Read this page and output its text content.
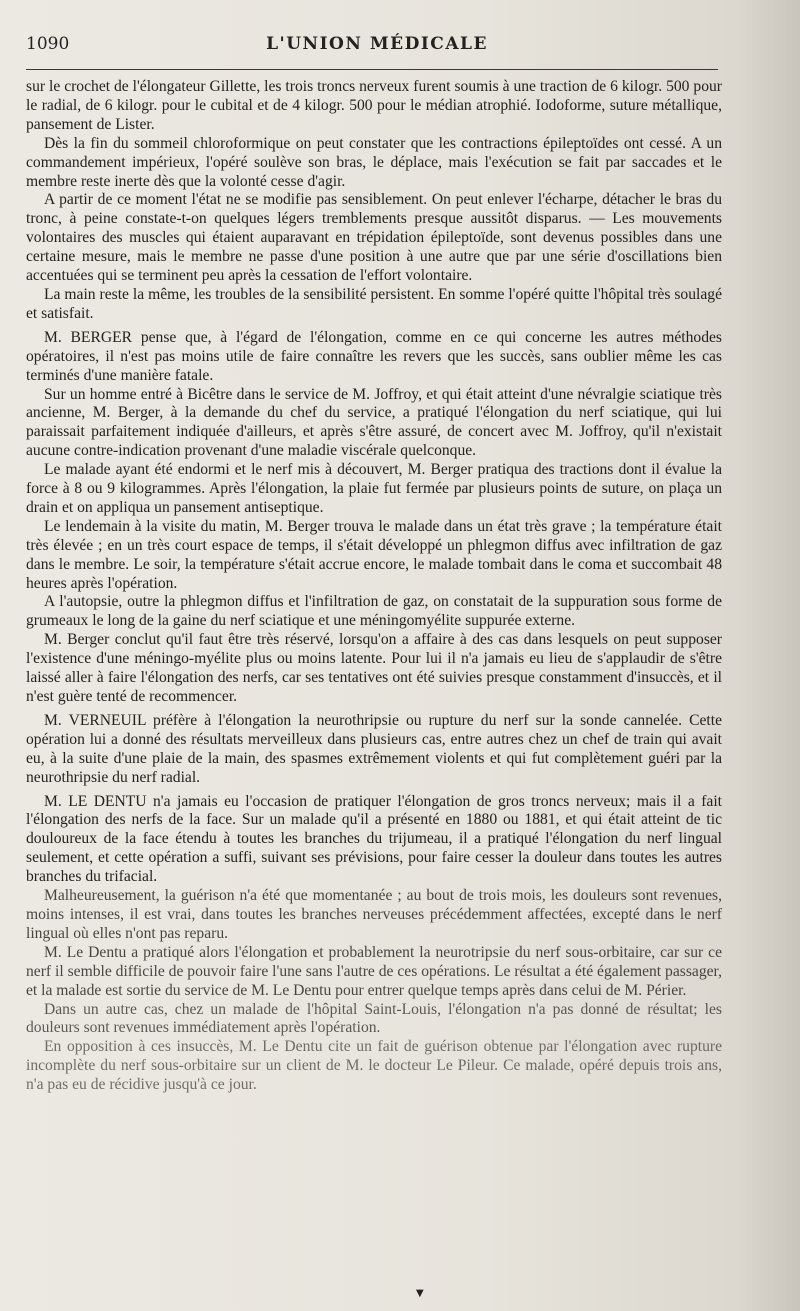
1090	L'UNION MÉDICALE

sur le crochet de l'élongateur Gillette, les trois troncs nerveux furent soumis à une traction de 6 kilogr. 500 pour le radial, de 6 kilogr. pour le cubital et de 4 kilogr. 500 pour le médian atrophié. Iodoforme, suture métallique, pansement de Lister.

Dès la fin du sommeil chloroformique on peut constater que les contractions épileptoïdes ont cessé. A un commandement impérieux, l'opéré soulève son bras, le déplace, mais l'exécution se fait par saccades et le membre reste inerte dès que la volonté cesse d'agir.

A partir de ce moment l'état ne se modifie pas sensiblement. On peut enlever l'écharpe, détacher le bras du tronc, à peine constate-t-on quelques légers tremblements presque aussitôt disparus. — Les mouvements volontaires des muscles qui étaient auparavant en trépidation épileptoïde, sont devenus possibles dans une certaine mesure, mais le membre ne passe d'une position à une autre que par une série d'oscillations bien accentuées qui se terminent peu après la cessation de l'effort volontaire.

La main reste la même, les troubles de la sensibilité persistent. En somme l'opéré quitte l'hôpital très soulagé et satisfait.

M. BERGER pense que, à l'égard de l'élongation, comme en ce qui concerne les autres méthodes opératoires, il n'est pas moins utile de faire connaître les revers que les succès, sans oublier même les cas terminés d'une manière fatale.

Sur un homme entré à Bicêtre dans le service de M. Joffroy, et qui était atteint d'une névralgie sciatique très ancienne, M. Berger, à la demande du chef du service, a pratiqué l'élongation du nerf sciatique, qui lui paraissait parfaitement indiquée d'ailleurs, et après s'être assuré, de concert avec M. Joffroy, qu'il n'existait aucune contre-indication provenant d'une maladie viscérale quelconque.

Le malade ayant été endormi et le nerf mis à découvert, M. Berger pratiqua des tractions dont il évalue la force à 8 ou 9 kilogrammes. Après l'élongation, la plaie fut fermée par plusieurs points de suture, on plaça un drain et on appliqua un pansement antiseptique.

Le lendemain à la visite du matin, M. Berger trouva le malade dans un état très grave ; la température était très élevée ; en un très court espace de temps, il s'était développé un phlegmon diffus avec infiltration de gaz dans le membre. Le soir, la température s'était accrue encore, le malade tombait dans le coma et succombait 48 heures après l'opération.

A l'autopsie, outre la phlegmon diffus et l'infiltration de gaz, on constatait de la suppuration sous forme de grumeaux le long de la gaine du nerf sciatique et une méningomyélite suppurée externe.

M. Berger conclut qu'il faut être très réservé, lorsqu'on a affaire à des cas dans lesquels on peut supposer l'existence d'une méningo-myélite plus ou moins latente. Pour lui il n'a jamais eu lieu de s'applaudir de s'être laissé aller à faire l'élongation des nerfs, car ses tentatives ont été suivies presque constamment d'insuccès, et il n'est guère tenté de recommencer.

M. VERNEUIL préfère à l'élongation la neurothripsie ou rupture du nerf sur la sonde cannelée. Cette opération lui a donné des résultats merveilleux dans plusieurs cas, entre autres chez un chef de train qui avait eu, à la suite d'une plaie de la main, des spasmes extrêmement violents et qui fut complètement guéri par la neurothripsie du nerf radial.

M. LE DENTU n'a jamais eu l'occasion de pratiquer l'élongation de gros troncs nerveux; mais il a fait l'élongation des nerfs de la face. Sur un malade qu'il a présenté en 1880 ou 1881, et qui était atteint de tic douloureux de la face étendu à toutes les branches du trijumeau, il a pratiqué l'élongation du nerf lingual seulement, et cette opération a suffi, suivant ses prévisions, pour faire cesser la douleur dans toutes les autres branches du trifacial.

Malheureusement, la guérison n'a été que momentanée ; au bout de trois mois, les douleurs sont revenues, moins intenses, il est vrai, dans toutes les branches nerveuses précédemment affectées, excepté dans le nerf lingual où elles n'ont pas reparu.

M. Le Dentu a pratiqué alors l'élongation et probablement la neurotripsie du nerf sous-orbitaire, car sur ce nerf il semble difficile de pouvoir faire l'une sans l'autre de ces opérations. Le résultat a été également passager, et la malade est sortie du service de M. Le Dentu pour entrer quelque temps après dans celui de M. Périer.

Dans un autre cas, chez un malade de l'hôpital Saint-Louis, l'élongation n'a pas donné de résultat; les douleurs sont revenues immédiatement après l'opération.

En opposition à ces insuccès, M. Le Dentu cite un fait de guérison obtenue par l'élongation avec rupture incomplète du nerf sous-orbitaire sur un client de M. le docteur Le Pileur. Ce malade, opéré depuis trois ans, n'a pas eu de récidive jusqu'à ce jour.

▼
